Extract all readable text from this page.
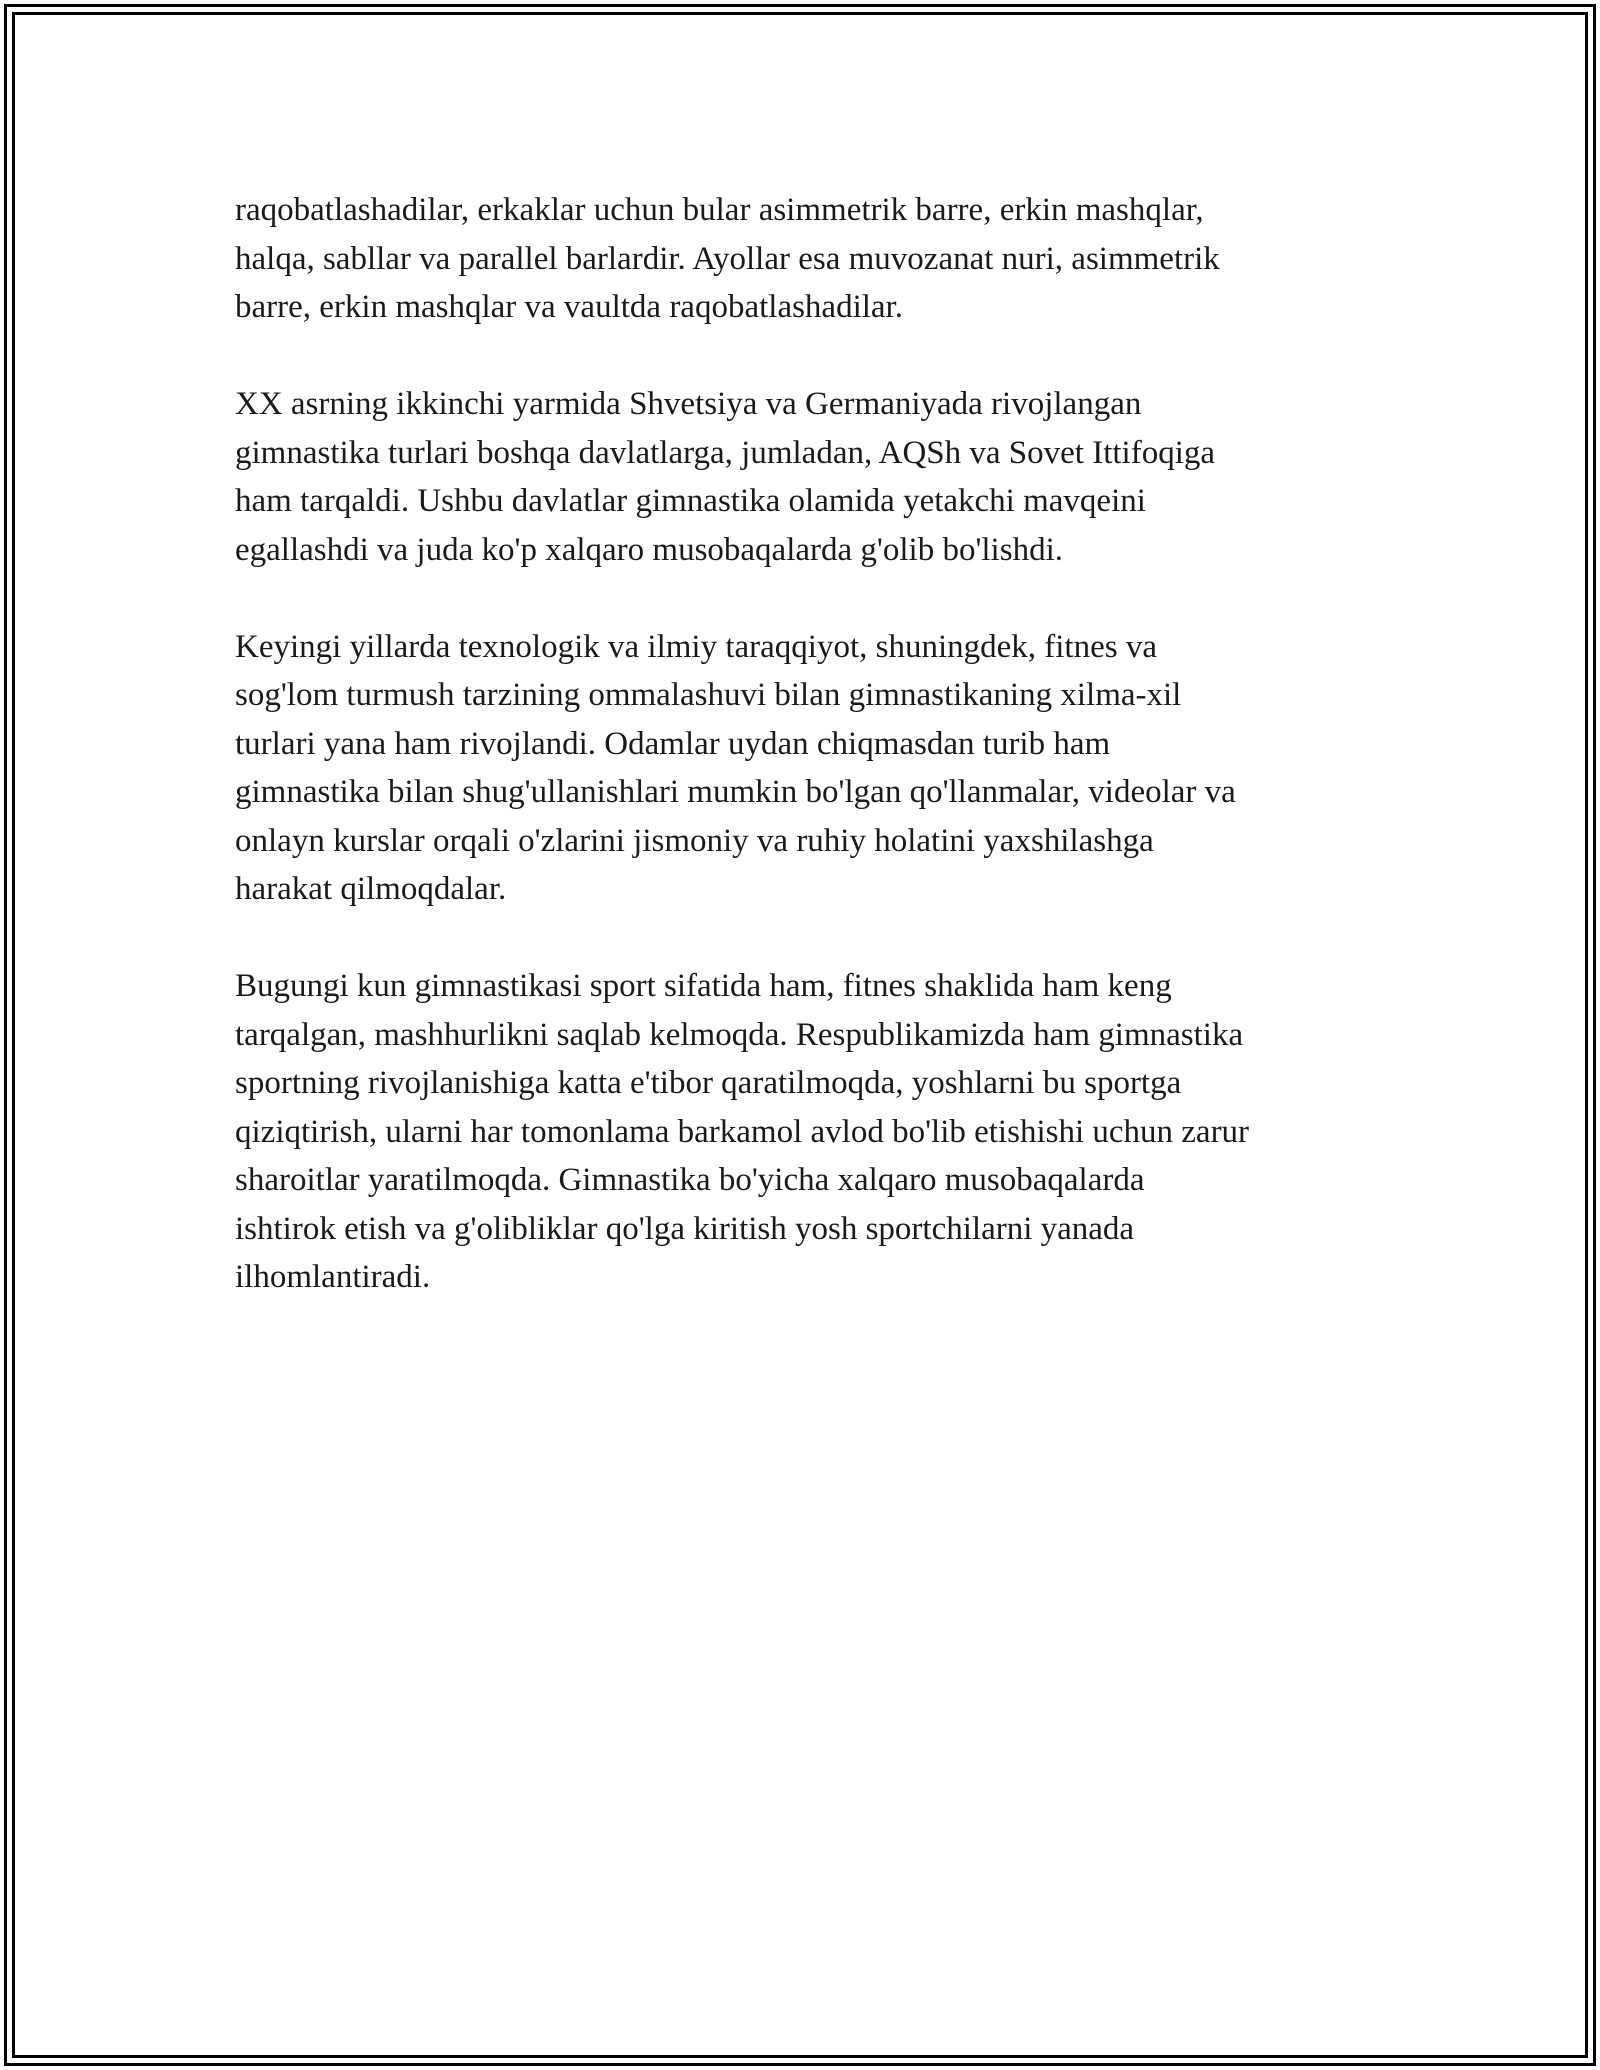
raqobatlashadilar, erkaklar uchun bular asimmetrik barre, erkin mashqlar,
halqa, sabllar va parallel barlardir. Ayollar esa muvozanat nuri, asimmetrik
barre, erkin mashqlar va vaultda raqobatlashadilar.

XX asrning ikkinchi yarmida Shvetsiya va Germaniyada rivojlangan
gimnastika turlari boshqa davlatlarga, jumladan, AQSh va Sovet Ittifoqiga
ham tarqaldi. Ushbu davlatlar gimnastika olamida yetakchi mavqeini
egallashdi va juda ko'p xalqaro musobaqalarda g'olib bo'lishdi.

Keyingi yillarda texnologik va ilmiy taraqqiyot, shuningdek, fitnes va
sog'lom turmush tarzining ommalashuvi bilan gimnastikaning xilma-xil
turlari yana ham rivojlandi. Odamlar uydan chiqmasdan turib ham
gimnastika bilan shug'ullanishlari mumkin bo'lgan qo'llanmalar, videolar va
onlayn kurslar orqali o'zlarini jismoniy va ruhiy holatini yaxshilashga
harakat qilmoqdalar.

Bugungi kun gimnastikasi sport sifatida ham, fitnes shaklida ham keng
tarqalgan, mashhurlikni saqlab kelmoqda. Respublikamizda ham gimnastika
sportning rivojlanishiga katta e'tibor qaratilmoqda, yoshlarni bu sportga
qiziqtirish, ularni har tomonlama barkamol avlod bo'lib etishishi uchun zarur
sharoitlar yaratilmoqda. Gimnastika bo'yicha xalqaro musobaqalarda
ishtirok etish va g'olibliklar qo'lga kiritish yosh sportchilarni yanada
ilhomlantiradi.
